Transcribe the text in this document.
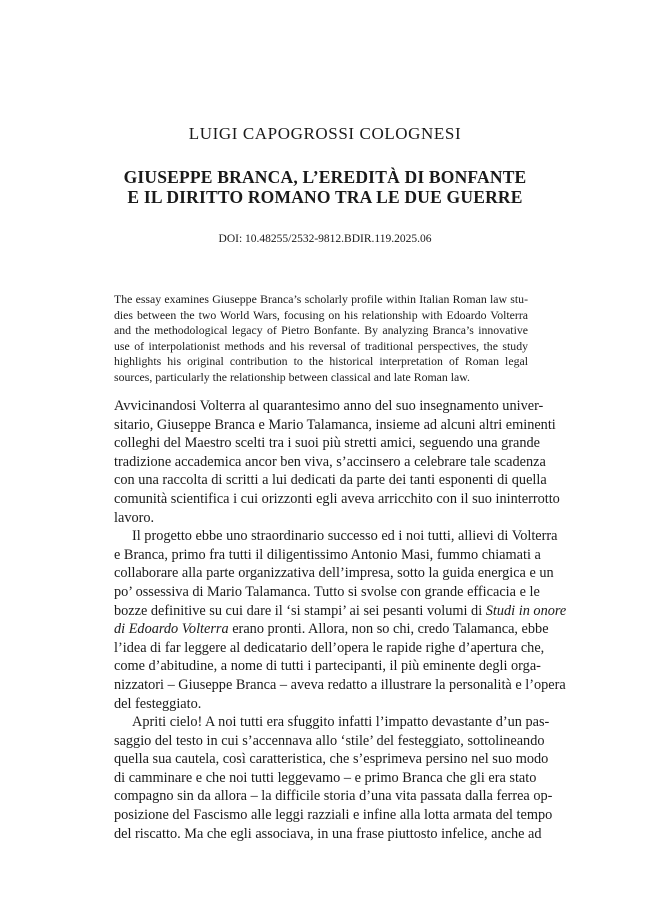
LUIGI CAPOGROSSI COLOGNESI
GIUSEPPE BRANCA, L’EREDITÀ DI BONFANTE
E IL DIRITTO ROMANO TRA LE DUE GUERRE
DOI: 10.48255/2532-9812.BDIR.119.2025.06
The essay examines Giuseppe Branca’s scholarly profile within Italian Roman law stu-
dies between the two World Wars, focusing on his relationship with Edoardo Volterra
and the methodological legacy of Pietro Bonfante. By analyzing Branca’s innovative
use of interpolationist methods and his reversal of traditional perspectives, the study
highlights his original contribution to the historical interpretation of Roman legal
sources, particularly the relationship between classical and late Roman law.
Avvicinandosi Volterra al quarantesimo anno del suo insegnamento univer-
sitario, Giuseppe Branca e Mario Talamanca, insieme ad alcuni altri eminenti
colleghi del Maestro scelti tra i suoi più stretti amici, seguendo una grande
tradizione accademica ancor ben viva, s’accinsero a celebrare tale scadenza
con una raccolta di scritti a lui dedicati da parte dei tanti esponenti di quella
comunità scientifica i cui orizzonti egli aveva arricchito con il suo ininterrotto
lavoro.
Il progetto ebbe uno straordinario successo ed i noi tutti, allievi di Volterra
e Branca, primo fra tutti il diligentissimo Antonio Masi, fummo chiamati a
collaborare alla parte organizzativa dell’impresa, sotto la guida energica e un
po’ ossessiva di Mario Talamanca. Tutto si svolse con grande efficacia e le
bozze definitive su cui dare il ‘si stampi’ ai sei pesanti volumi di Studi in onore
di Edoardo Volterra erano pronti. Allora, non so chi, credo Talamanca, ebbe
l’idea di far leggere al dedicatario dell’opera le rapide righe d’apertura che,
come d’abitudine, a nome di tutti i partecipanti, il più eminente degli orga-
nizzatori – Giuseppe Branca – aveva redatto a illustrare la personalità e l’opera
del festeggiato.
Apriti cielo! A noi tutti era sfuggito infatti l’impatto devastante d’un pas-
saggio del testo in cui s’accennava allo ‘stile’ del festeggiato, sottolineando
quella sua cautela, così caratteristica, che s’esprimeva persino nel suo modo
di camminare e che noi tutti leggevamo – e primo Branca che gli era stato
compagno sin da allora – la difficile storia d’una vita passata dalla ferrea op-
posizione del Fascismo alle leggi razziali e infine alla lotta armata del tempo
del riscatto. Ma che egli associava, in una frase piuttosto infelice, anche ad
